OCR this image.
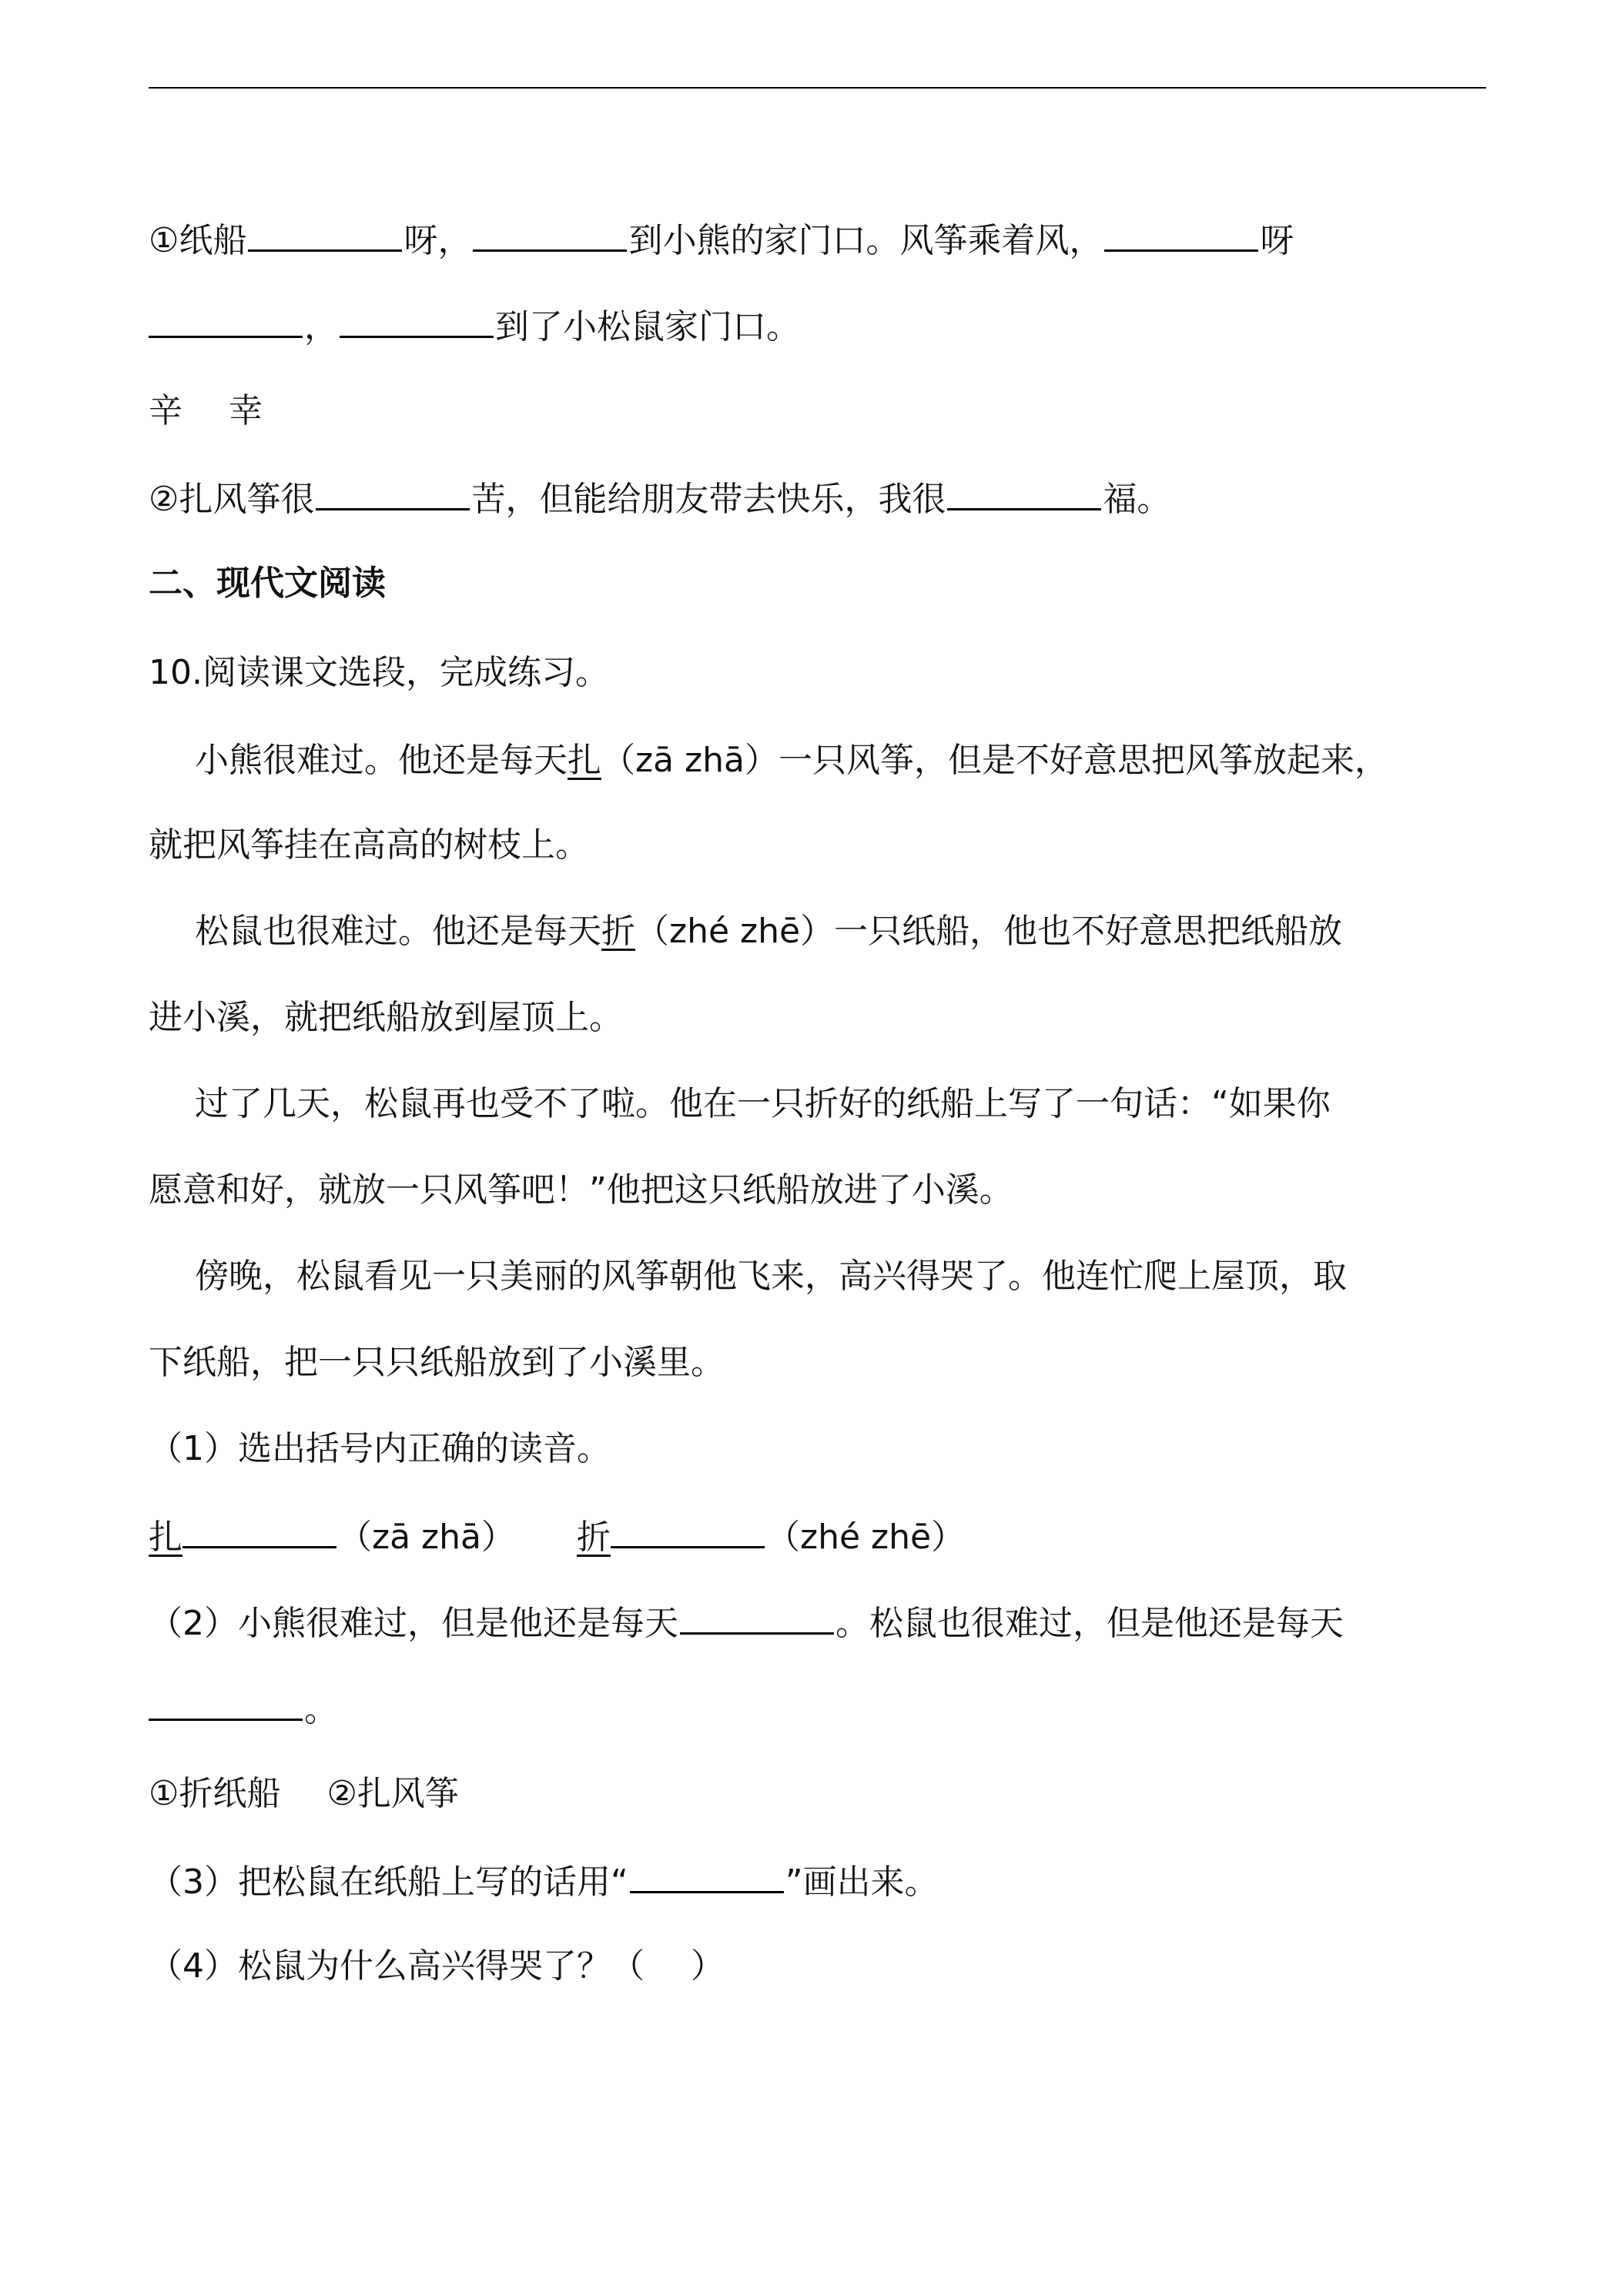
①纸船	呀，	到小熊的家门口。风筝乘着风，	呀
，	到了小松鼠家门口。
辛 幸
②扎风筝很	苦，但能给朋友带去快乐，我很	福。
二、现代文阅读
10.阅读课文选段，完成练习。
小熊很难过。他还是每天扎（zā zhā）一只风筝，但是不好意思把风筝放起来，
就把风筝挂在高高的树枝上。
松鼠也很难过。他还是每天折（zhé zhē）一只纸船，他也不好意思把纸船放
进小溪，就把纸船放到屋顶上。
过了几天，松鼠再也受不了啦。他在一只折好的纸船上写了一句话：“如果你
愿意和好，就放一只风筝吧！”他把这只纸船放进了小溪。
傍晚，松鼠看见一只美丽的风筝朝他飞来，高兴得哭了。他连忙爬上屋顶，取
下纸船，把一只只纸船放到了小溪里。
（1）选出括号内正确的读音。
扎	（zā zhā） 折	（zhé zhē）
（2）小熊很难过，但是他还是每天	。松鼠也很难过，但是他还是每天
。
①折纸船 ②扎风筝
（3）把松鼠在纸船上写的话用“	”画出来。
（4）松鼠为什么高兴得哭了？（ ）
